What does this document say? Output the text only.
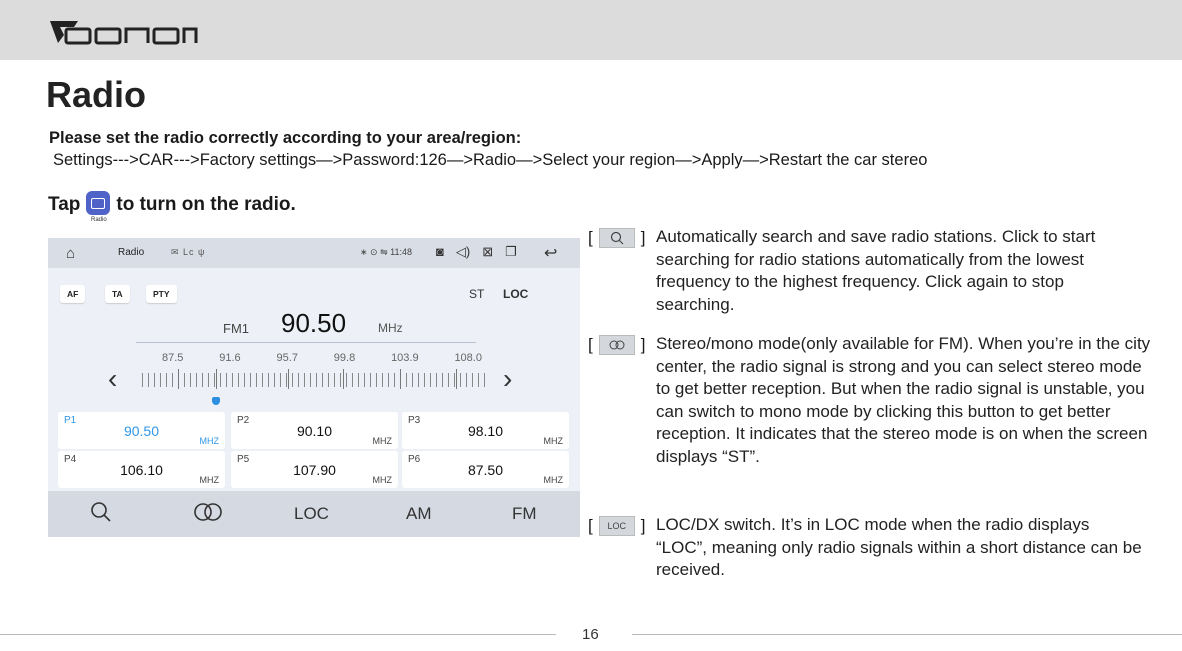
Radio
Please set the radio correctly according to your area/region:
Settings--->CAR--->Factory settings—>Password:126—>Radio—>Select your region—>Apply—>Restart the car stereo
Tap
Radio
to turn on the radio.
⌂	Radio	✉ Lc ψ	∗ ⊙ ⇋ 11:48 ◙ ◁) ⊠ ❐ ↩
AF	TA	PTY	ST LOC
FM1 90.50	MHz
87.5	91.6	95.7	99.8	103.9	108.0
‹	›
P1
90.50
MHZ
P2
90.10
MHZ
P3
98.10
MHZ
P4
106.10
MHZ
P5
107.90
MHZ
P6
87.50
MHZ
LOC	AM	FM
[	] Automatically search and save radio stations. Click to start searching for radio stations automatically from the lowest frequency to the highest frequency. Click again to stop searching.
[	] Stereo/mono mode(only available for FM). When you’re in the city center, the radio signal is strong and you can select stereo mode to get better reception. But when the radio signal is unstable, you can switch to mono mode by clicking this button to get better reception. It indicates that the stereo mode is on when the screen displays “ST”.
[	LOC ] LOC/DX switch. It’s in LOC mode when the radio displays “LOC”, meaning only radio signals within a short distance can be received.
16
